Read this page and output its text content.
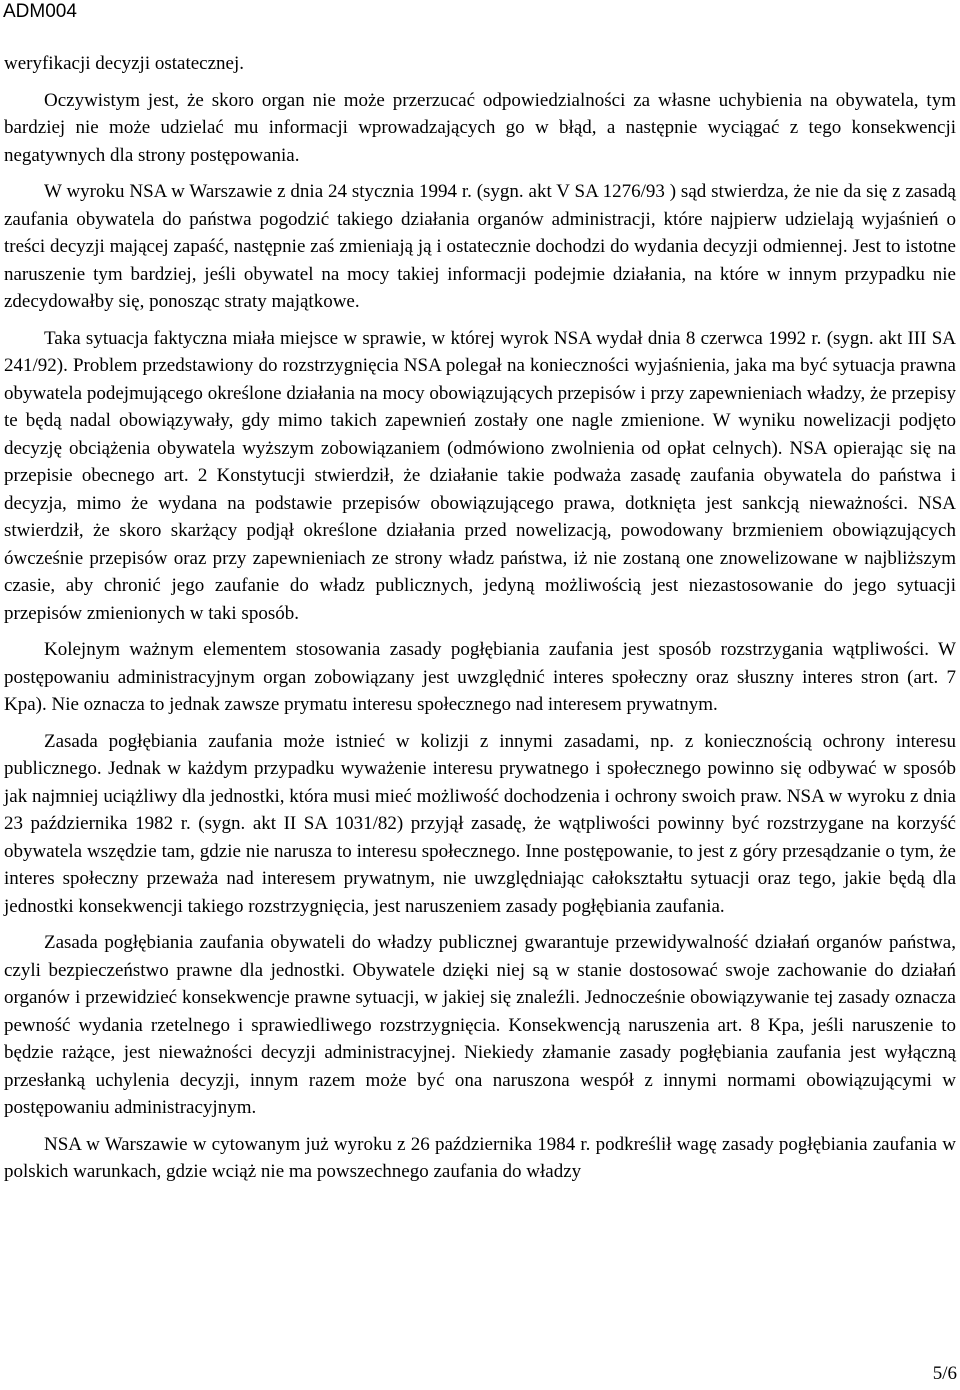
ADM004

weryfikacji decyzji ostatecznej.

Oczywistym jest, że skoro organ nie może przerzucać odpowiedzialności za własne uchybienia na obywatela, tym bardziej nie może udzielać mu informacji wprowadzających go w błąd, a następnie wyciągać z tego konsekwencji negatywnych dla strony postępowania.

W wyroku NSA w Warszawie z dnia 24 stycznia 1994 r. (sygn. akt V SA 1276/93 ) sąd stwierdza, że nie da się z zasadą zaufania obywatela do państwa pogodzić takiego działania organów administracji, które najpierw udzielają wyjaśnień o treści decyzji mającej zapaść, następnie zaś zmieniają ją i ostatecznie dochodzi do wydania decyzji odmiennej. Jest to istotne naruszenie tym bardziej, jeśli obywatel na mocy takiej informacji podejmie działania, na które w innym przypadku nie zdecydowałby się, ponosząc straty majątkowe.

Taka sytuacja faktyczna miała miejsce w sprawie, w której wyrok NSA wydał dnia 8 czerwca 1992 r. (sygn. akt III SA 241/92). Problem przedstawiony do rozstrzygnięcia NSA polegał na konieczności wyjaśnienia, jaka ma być sytuacja prawna obywatela podejmującego określone działania na mocy obowiązujących przepisów i przy zapewnieniach władzy, że przepisy te będą nadal obowiązywały, gdy mimo takich zapewnień zostały one nagle zmienione. W wyniku nowelizacji podjęto decyzję obciążenia obywatela wyższym zobowiązaniem (odmówiono zwolnienia od opłat celnych). NSA opierając się na przepisie obecnego art. 2 Konstytucji stwierdził, że działanie takie podważa zasadę zaufania obywatela do państwa i decyzja, mimo że wydana na podstawie przepisów obowiązującego prawa, dotknięta jest sankcją nieważności. NSA stwierdził, że skoro skarżący podjął określone działania przed nowelizacją, powodowany brzmieniem obowiązujących ówcześnie przepisów oraz przy zapewnieniach ze strony władz państwa, iż nie zostaną one znowelizowane w najbliższym czasie, aby chronić jego zaufanie do władz publicznych, jedyną możliwością jest niezastosowanie do jego sytuacji przepisów zmienionych w taki sposób.

Kolejnym ważnym elementem stosowania zasady pogłębiania zaufania jest sposób rozstrzygania wątpliwości. W postępowaniu administracyjnym organ zobowiązany jest uwzględnić interes społeczny oraz słuszny interes stron (art. 7 Kpa). Nie oznacza to jednak zawsze prymatu interesu społecznego nad interesem prywatnym.

Zasada pogłębiania zaufania może istnieć w kolizji z innymi zasadami, np. z koniecznością ochrony interesu publicznego. Jednak w każdym przypadku wyważenie interesu prywatnego i społecznego powinno się odbywać w sposób jak najmniej uciążliwy dla jednostki, która musi mieć możliwość dochodzenia i ochrony swoich praw. NSA w wyroku z dnia 23 października 1982 r. (sygn. akt II SA 1031/82) przyjął zasadę, że wątpliwości powinny być rozstrzygane na korzyść obywatela wszędzie tam, gdzie nie narusza to interesu społecznego. Inne postępowanie, to jest z góry przesądzanie o tym, że interes społeczny przeważa nad interesem prywatnym, nie uwzględniając całokształtu sytuacji oraz tego, jakie będą dla jednostki konsekwencji takiego rozstrzygnięcia, jest naruszeniem zasady pogłębiania zaufania.

Zasada pogłębiania zaufania obywateli do władzy publicznej gwarantuje przewidywalność działań organów państwa, czyli bezpieczeństwo prawne dla jednostki. Obywatele dzięki niej są w stanie dostosować swoje zachowanie do działań organów i przewidzieć konsekwencje prawne sytuacji, w jakiej się znaleźli. Jednocześnie obowiązywanie tej zasady oznacza pewność wydania rzetelnego i sprawiedliwego rozstrzygnięcia. Konsekwencją naruszenia art. 8 Kpa, jeśli naruszenie to będzie rażące, jest nieważności decyzji administracyjnej. Niekiedy złamanie zasady pogłębiania zaufania jest wyłączną przesłanką uchylenia decyzji, innym razem może być ona naruszona wespół z innymi normami obowiązującymi w postępowaniu administracyjnym.

NSA w Warszawie w cytowanym już wyroku z 26 października 1984 r. podkreślił wagę zasady pogłębiania zaufania w polskich warunkach, gdzie wciąż nie ma powszechnego zaufania do władzy

5/6
